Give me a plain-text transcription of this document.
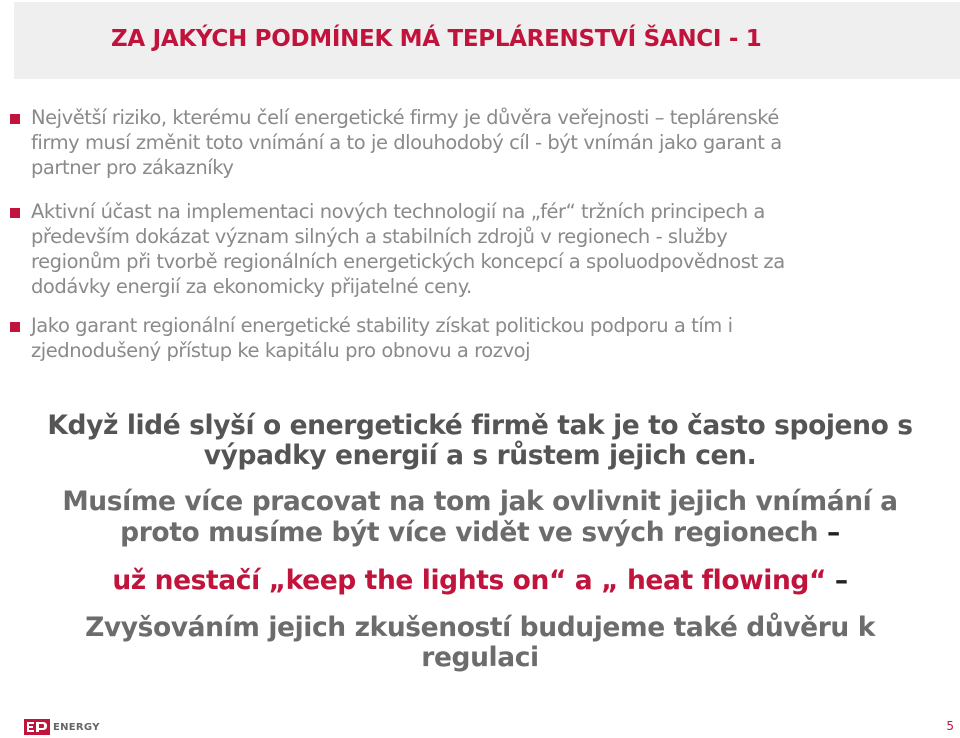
ZA JAKÝCH PODMÍNEK MÁ TEPLÁRENSTVÍ ŠANCI - 1
Největší riziko, kterému čelí energetické firmy je důvěra veřejnosti – teplárenské
firmy musí změnit toto vnímání a to je dlouhodobý cíl - být vnímán jako garant a
partner pro zákazníky
Aktivní účast na implementaci nových technologií na „fér“ tržních principech a
především dokázat význam silných a stabilních zdrojů v regionech - služby
regionům při tvorbě regionálních energetických koncepcí a spoluodpovědnost za
dodávky energií za ekonomicky přijatelné ceny.
Jako garant regionální energetické stability získat politickou podporu a tím i
zjednodušený přístup ke kapitálu pro obnovu a rozvoj
Když lidé slyší o energetické firmě tak je to často spojeno s
výpadky energií a s růstem jejich cen.
Musíme více pracovat na tom jak ovlivnit jejich vnímání a
proto musíme být více vidět ve svých regionech –
už nestačí „keep the lights on“ a „ heat flowing“ –
Zvyšováním jejich zkušeností budujeme také důvěru k
regulaci
ENERGY	5
